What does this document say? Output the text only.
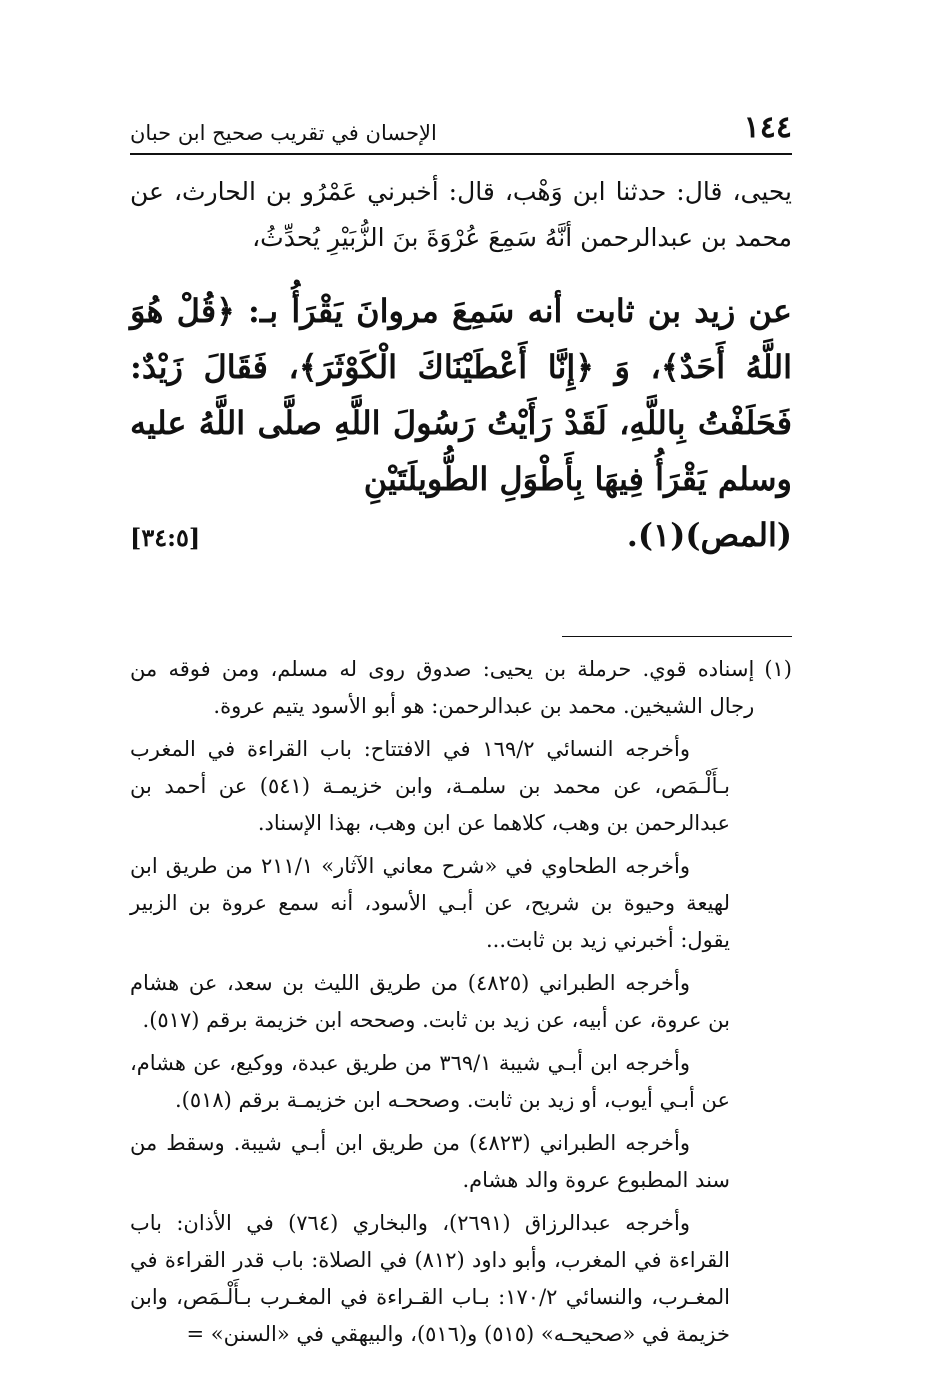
١٤٤
الإحسان في تقريب صحيح ابن حبان
يحيى، قال: حدثنا ابن وَهْب، قال: أخبرني عَمْرُو بن الحارث، عن محمد بن عبدالرحمن أنَّهُ سَمِعَ عُرْوَةَ بنَ الزُّبَيْرِ يُحدِّثُ،
عن زيد بن ثابت أنه سَمِعَ مروانَ يَقْرَأُ بـ: ﴿قُلْ هُوَ اللَّهُ أَحَدٌ﴾، وَ ﴿إِنَّا أَعْطَيْنَاكَ الْكَوْثَرَ﴾، فَقَالَ زَيْدٌ: فَحَلَفْتُ بِاللَّهِ، لَقَدْ رَأَيْتُ رَسُولَ اللَّهِ صلَّى اللَّهُ عليه وسلم يَقْرَأُ فِيهَا بِأَطْوَلِ الطُّويلَتَيْنِ
(المص)(١).
[٣٤:٥]
(١)
إسناده قوي. حرملة بن يحيى: صدوق روى له مسلم، ومن فوقه من رجال الشيخين. محمد بن عبدالرحمن: هو أبو الأسود يتيم عروة.
وأخرجه النسائي ١٦٩/٢ في الافتتاح: باب القراءة في المغرب بـأَلْـمَص، عن محمد بن سلمـة، وابن خزيمـة (٥٤١) عن أحمد بن عبدالرحمن بن وهب، كلاهما عن ابن وهب، بهذا الإسناد.
وأخرجه الطحاوي في «شرح معاني الآثار» ٢١١/١ من طريق ابن لهيعة وحيوة بن شريح، عن أبـي الأسود، أنه سمع عروة بن الزبير يقول: أخبرني زيد بن ثابت...
وأخرجه الطبراني (٤٨٢٥) من طريق الليث بن سعد، عن هشام بن عروة، عن أبيه، عن زيد بن ثابت. وصححه ابن خزيمة برقم (٥١٧).
وأخرجه ابن أبـي شيبة ٣٦٩/١ من طريق عبدة، ووكيع، عن هشام، عن أبـي أيوب، أو زيد بن ثابت. وصححـه ابن خزيمـة برقم (٥١٨).
وأخرجه الطبراني (٤٨٢٣) من طريق ابن أبـي شيبة. وسقط من سند المطبوع عروة والد هشام.
وأخرجه عبدالرزاق (٢٦٩١)، والبخاري (٧٦٤) في الأذان: باب القراءة في المغرب، وأبو داود (٨١٢) في الصلاة: باب قدر القراءة في المغـرب، والنسائي ١٧٠/٢: بـاب القـراءة في المغـرب بـأَلْـمَص، وابن خزيمة في «صحيحـه» (٥١٥) و(٥١٦)، والبيهقي في «السنن» =
